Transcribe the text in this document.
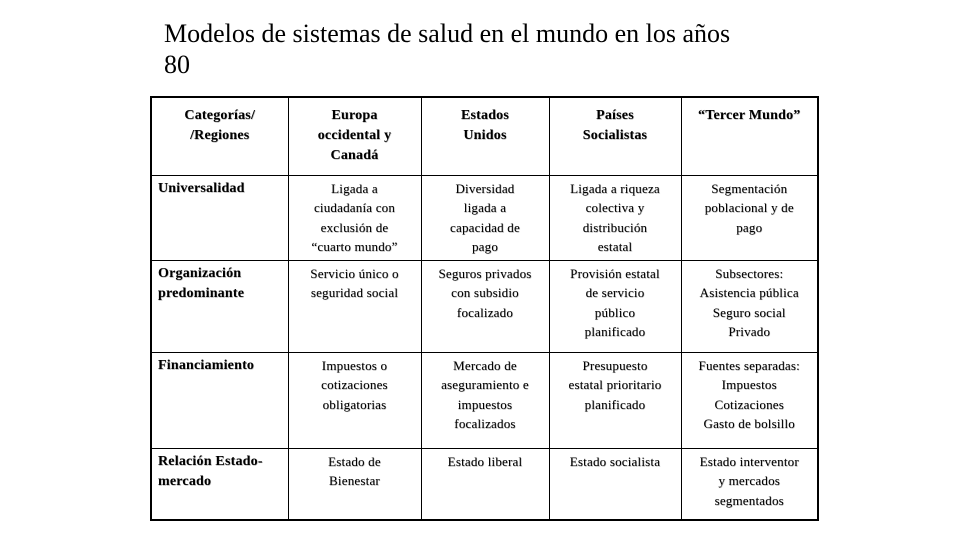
Modelos de sistemas de salud en el mundo en los años
80
Categorías/
/Regiones	Europa
occidental y
Canadá	Estados
Unidos	Países
Socialistas	“Tercer Mundo”

Universalidad	Ligada a
ciudadanía con
exclusión de
“cuarto mundo”	Diversidad
ligada a
capacidad de
pago	Ligada a riqueza
colectiva y
distribución
estatal	Segmentación
poblacional y de
pago

Organización
predominante	Servicio único o
seguridad social	Seguros privados
con subsidio
focalizado	Provisión estatal
de servicio
público
planificado	Subsectores:
Asistencia pública
Seguro social
Privado

Financiamiento	Impuestos o
cotizaciones
obligatorias	Mercado de
aseguramiento e
impuestos
focalizados	Presupuesto
estatal prioritario
planificado	Fuentes separadas:
Impuestos
Cotizaciones
Gasto de bolsillo

Relación Estado-
mercado	Estado de
Bienestar	Estado liberal	Estado socialista	Estado interventor
y mercados
segmentados
